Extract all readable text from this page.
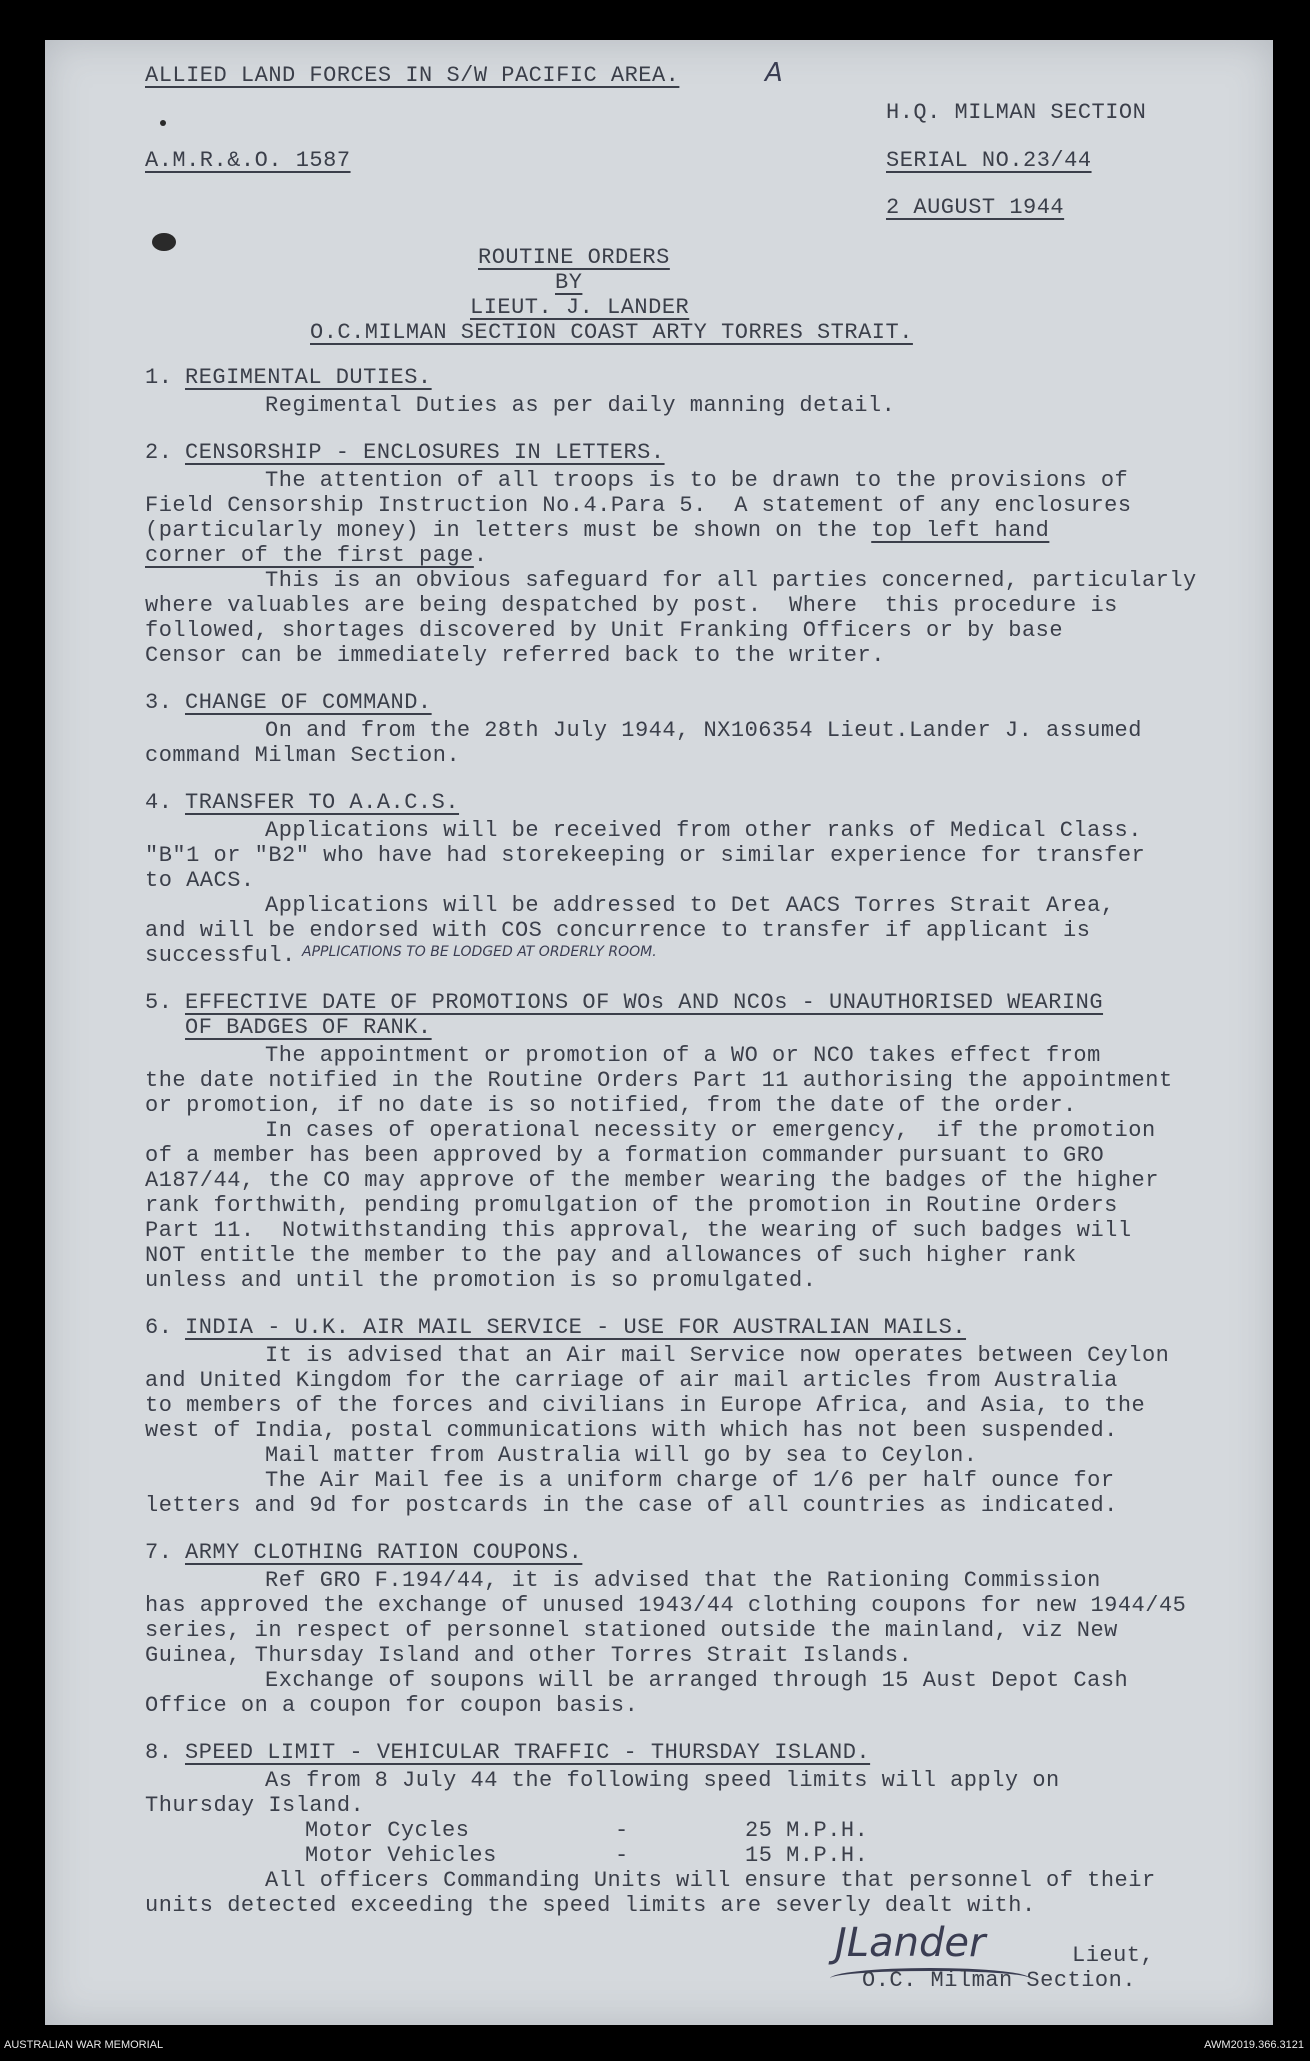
ALLIED LAND FORCES IN S/W PACIFIC AREA.	A
H.Q. MILMAN SECTION
A.M.R.&.O. 1587	SERIAL NO.23/44
2 AUGUST 1944
ROUTINE ORDERS
BY
LIEUT. J. LANDER
O.C.MILMAN SECTION COAST ARTY TORRES STRAIT.
1. REGIMENTAL DUTIES.
Regimental Duties as per daily manning detail.
2. CENSORSHIP - ENCLOSURES IN LETTERS.
The attention of all troops is to be drawn to the provisions of
Field Censorship Instruction No.4.Para 5.  A statement of any enclosures
(particularly money) in letters must be shown on the top left hand
corner of the first page.
This is an obvious safeguard for all parties concerned, particularly
where valuables are being despatched by post.  Where  this procedure is
followed, shortages discovered by Unit Franking Officers or by base
Censor can be immediately referred back to the writer.
3. CHANGE OF COMMAND.
On and from the 28th July 1944, NX106354 Lieut.Lander J. assumed
command Milman Section.
4. TRANSFER TO A.A.C.S.
Applications will be received from other ranks of Medical Class.
"B"1 or "B2" who have had storekeeping or similar experience for transfer
to AACS.
Applications will be addressed to Det AACS Torres Strait Area,
and will be endorsed with COS concurrence to transfer if applicant is
successful. APPLICATIONS TO BE LODGED AT ORDERLY ROOM.
5. EFFECTIVE DATE OF PROMOTIONS OF WOs AND NCOs - UNAUTHORISED WEARING
OF BADGES OF RANK.
The appointment or promotion of a WO or NCO takes effect from
the date notified in the Routine Orders Part 11 authorising the appointment
or promotion, if no date is so notified, from the date of the order.
In cases of operational necessity or emergency,  if the promotion
of a member has been approved by a formation commander pursuant to GRO
A187/44, the CO may approve of the member wearing the badges of the higher
rank forthwith, pending promulgation of the promotion in Routine Orders
Part 11.  Notwithstanding this approval, the wearing of such badges will
NOT entitle the member to the pay and allowances of such higher rank
unless and until the promotion is so promulgated.
6. INDIA - U.K. AIR MAIL SERVICE - USE FOR AUSTRALIAN MAILS.
It is advised that an Air mail Service now operates between Ceylon
and United Kingdom for the carriage of air mail articles from Australia
to members of the forces and civilians in Europe Africa, and Asia, to the
west of India, postal communications with which has not been suspended.
Mail matter from Australia will go by sea to Ceylon.
The Air Mail fee is a uniform charge of 1/6 per half ounce for
letters and 9d for postcards in the case of all countries as indicated.
7. ARMY CLOTHING RATION COUPONS.
Ref GRO F.194/44, it is advised that the Rationing Commission
has approved the exchange of unused 1943/44 clothing coupons for new 1944/45
series, in respect of personnel stationed outside the mainland, viz New
Guinea, Thursday Island and other Torres Strait Islands.
Exchange of soupons will be arranged through 15 Aust Depot Cash
Office on a coupon for coupon basis.
8. SPEED LIMIT - VEHICULAR TRAFFIC - THURSDAY ISLAND.
As from 8 July 44 the following speed limits will apply on
Thursday Island.
Motor Cycles	-	25 M.P.H.
Motor Vehicles	-	15 M.P.H.
All officers Commanding Units will ensure that personnel of their
units detected exceeding the speed limits are severly dealt with.
JLander	Lieut,
O.C. Milman Section.
AUSTRALIAN WAR MEMORIAL	AWM2019.366.3121
